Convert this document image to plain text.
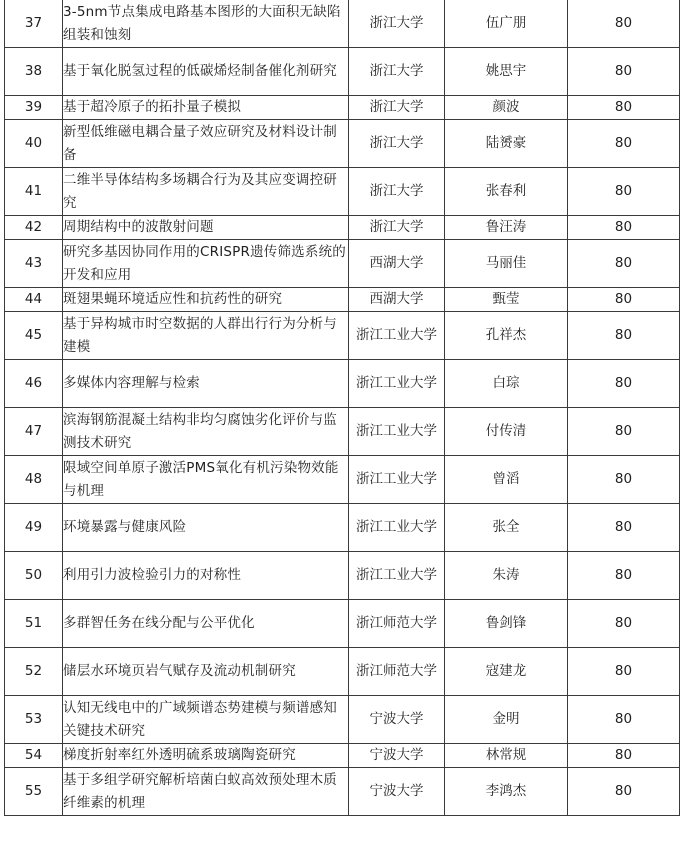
37	3-5nm节点集成电路基本图形的大面积无缺陷组装和蚀刻	浙江大学	伍广朋	80
38	基于氧化脱氢过程的低碳烯烃制备催化剂研究	浙江大学	姚思宇	80
39	基于超冷原子的拓扑量子模拟	浙江大学	颜波	80
40	新型低维磁电耦合量子效应研究及材料设计制备	浙江大学	陆赟豪	80
41	二维半导体结构多场耦合行为及其应变调控研究	浙江大学	张春利	80
42	周期结构中的波散射问题	浙江大学	鲁汪涛	80
43	研究多基因协同作用的CRISPR遗传筛选系统的开发和应用	西湖大学	马丽佳	80
44	斑翅果蝇环境适应性和抗药性的研究	西湖大学	甄莹	80
45	基于异构城市时空数据的人群出行行为分析与建模	浙江工业大学	孔祥杰	80
46	多媒体内容理解与检索	浙江工业大学	白琮	80
47	滨海钢筋混凝土结构非均匀腐蚀劣化评价与监测技术研究	浙江工业大学	付传清	80
48	限域空间单原子激活PMS氧化有机污染物效能与机理	浙江工业大学	曾滔	80
49	环境暴露与健康风险	浙江工业大学	张全	80
50	利用引力波检验引力的对称性	浙江工业大学	朱涛	80
51	多群智任务在线分配与公平优化	浙江师范大学	鲁剑锋	80
52	储层水环境页岩气赋存及流动机制研究	浙江师范大学	寇建龙	80
53	认知无线电中的广域频谱态势建模与频谱感知关键技术研究	宁波大学	金明	80
54	梯度折射率红外透明硫系玻璃陶瓷研究	宁波大学	林常规	80
55	基于多组学研究解析培菌白蚁高效预处理木质纤维素的机理	宁波大学	李鸿杰	80
